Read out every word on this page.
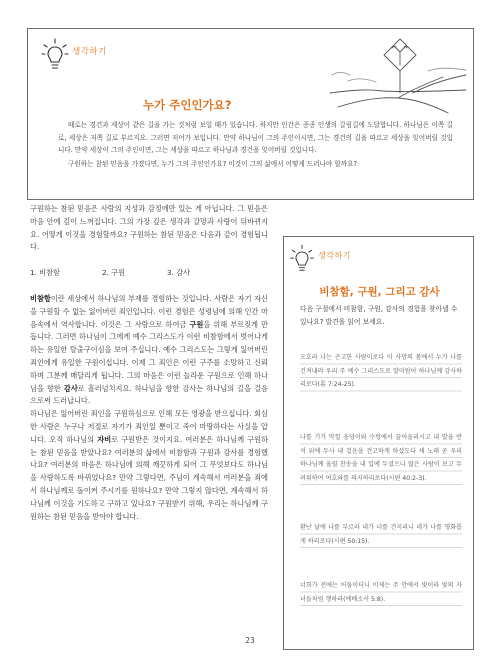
생각하기
누가 주인인가요?

때로는 경건과 세상이 같은 길을 가는 것처럼 보일 때가 있습니다. 하지만 인간은 종종 인생의 갈림길에 도달합니다. 하나님은 이쪽 길로, 세상은 저쪽 길로 부르지요. 그러면 저어가 보입니다. 만약 하나님이 그의 주인이시면, 그는 경건의 길을 따르고 세상을 잊어버릴 것입니다. 만약 세상이 그의 주인이면, 그는 세상을 따르고 하나님과 경건을 잊어버릴 것입니다.

구원하는 참된 믿음을 가졌다면, 누가 그의 주인인가요? 이것이 그의 삶에서 어떻게 드러나야 할까요?

구원하는 참된 믿음은 사람의 지성과 감정에만 있는 게 아닙니다. 그 믿음은 마음 안에 깊이 느껴집니다. 그의 가장 깊은 생각과 갈망과 사랑이 뒤바뀌지요. 어떻게 이것을 경험할까요? 구원하는 참된 믿음은 다음과 같이 경험됩니다.

1. 비참함	2. 구원	3. 감사

비참함이란 세상에서 하나님의 부재를 경험하는 것입니다. 사람은 자기 자신을 구원할 수 없는 잃어버린 죄인입니다. 이런 경험은 성령님에 의해 인간 마음속에서 역사합니다. 이것은 그 사람으로 하여금 구원을 위해 부르짖게 만듭니다. 그러면 하나님이 그에게 예수 그리스도가 이런 비참함에서 벗어나게 하는 유일한 탈출구이심을 보여 주십니다. 예수 그리스도는 그렇게 잃어버린 죄인에게 유일한 구원이십니다. 이제 그 죄인은 이런 구주를 소망하고 신뢰하며 그분께 매달리게 됩니다. 그의 마음은 이런 놀라운 구원으로 인해 하나님을 향한 감사로 흘러넘치지요. 하나님을 향한 감사는 하나님의 길을 걸음으로써 드러납니다.

하나님은 잃어버린 죄인을 구원하심으로 인해 모든 영광을 받으십니다. 회심한 사람은 누구나 저절로 자기가 죄인일 뿐이고 죽어 마땅하다는 사실을 압니다. 오직 하나님의 자비로 구원받은 것이지요. 여러분은 하나님께 구원하는 참된 믿음을 받았나요? 여러분의 삶에서 비참함과 구원과 감사를 경험했나요? 여러분의 마음은 하나님에 의해 깨끗하게 되어 그 무엇보다도 하나님을 사랑하도록 바뀌었나요? 만약 그렇다면, 주님이 계속해서 여러분을 죄에서 하나님께로 돌이켜 주시기를 원하나요? 만약 그렇지 않다면, 계속해서 하나님께 이것을 기도하고 구하고 있나요? 구원받기 위해, 우리는 하나님께 구원하는 참된 믿음을 받아야 합니다.

생각하기
비참함, 구원, 그리고 감사
다음 구절에서 비참함, 구원, 감사의 경험을 찾아낼 수 있나요? 발견을 읽어 보세요.
오호라 나는 곤고한 사람이로다 이 사망의 몸에서 누가 나를 건져내랴 우리 주 예수 그리스도로 말미암아 하나님께 감사하리로다(롬 7:24-25).
나를 기가 막힐 웅덩이와 수렁에서 끌어올리시고 내 발을 반석 위에 두사 내 걸음을 견고하게 하셨도다 새 노래 곧 우리 하나님께 올릴 찬송을 내 입에 두셨으니 많은 사람이 보고 두려워하여 여호와를 의지하리로다(시편 40:2-3).
환난 날에 나를 부르라 내가 너를 건지리니 네가 나를 영화롭게 하리로다(시편 50:15).
너희가 전에는 어둠이더니 이제는 주 안에서 빛이라 빛의 자녀들처럼 행하라(에베소서 5:8).
23
